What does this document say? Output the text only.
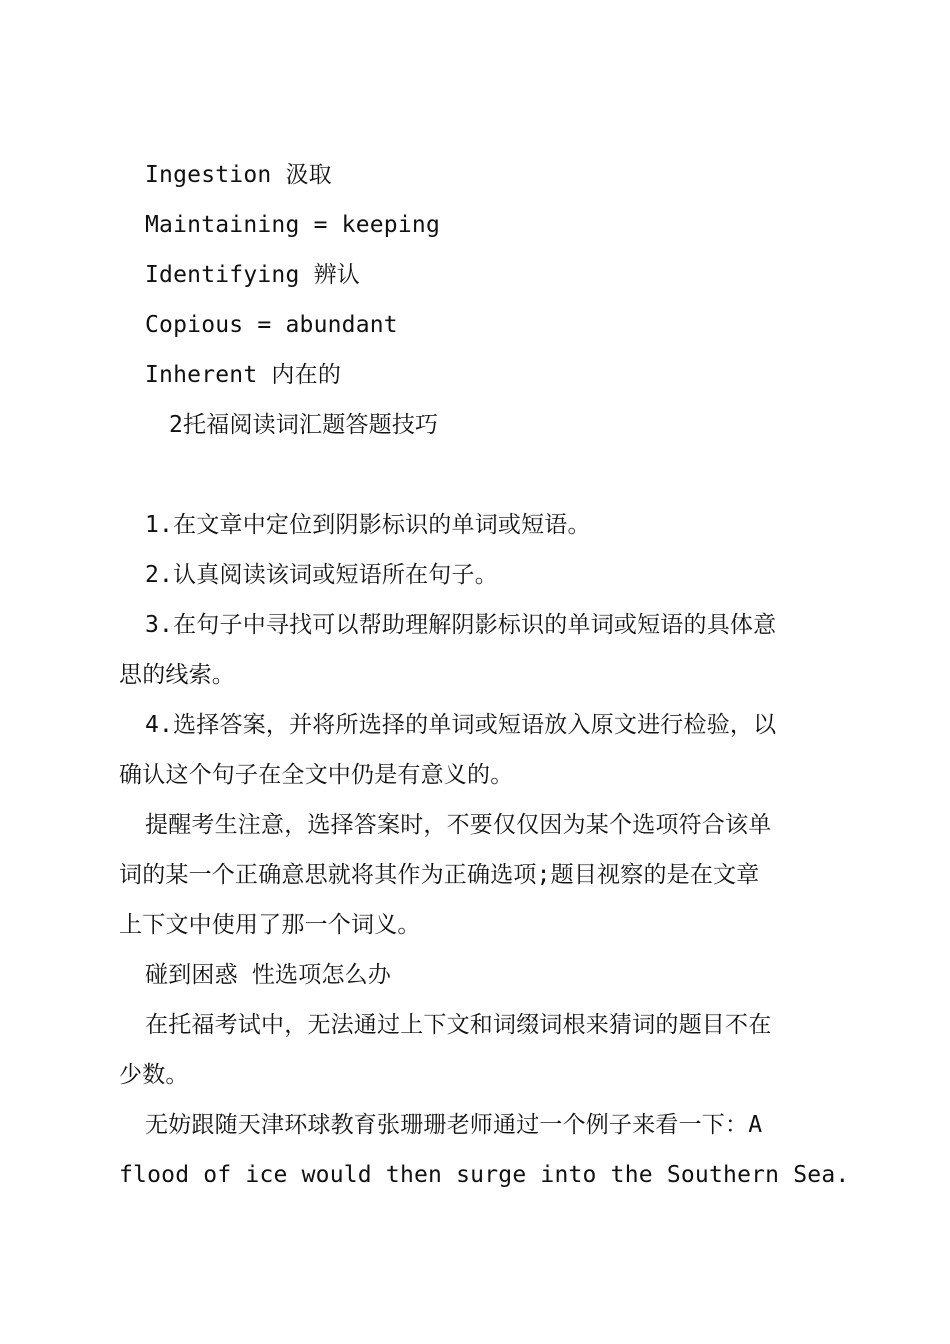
Ingestion 汲取
Maintaining = keeping
Identifying 辨认
Copious = abundant
Inherent 内在的
2托福阅读词汇题答题技巧
1.在文章中定位到阴影标识的单词或短语。
2.认真阅读该词或短语所在句子。
3.在句子中寻找可以帮助理解阴影标识的单词或短语的具体意
思的线索。
4.选择答案，并将所选择的单词或短语放入原文进行检验，以
确认这个句子在全文中仍是有意义的。
提醒考生注意，选择答案时，不要仅仅因为某个选项符合该单
词的某一个正确意思就将其作为正确选项;题目视察的是在文章
上下文中使用了那一个词义。
碰到困惑 性选项怎么办
在托福考试中，无法通过上下文和词缀词根来猜词的题目不在
少数。
无妨跟随天津环球教育张珊珊老师通过一个例子来看一下：A
flood of ice would then surge into the Southern Sea.
